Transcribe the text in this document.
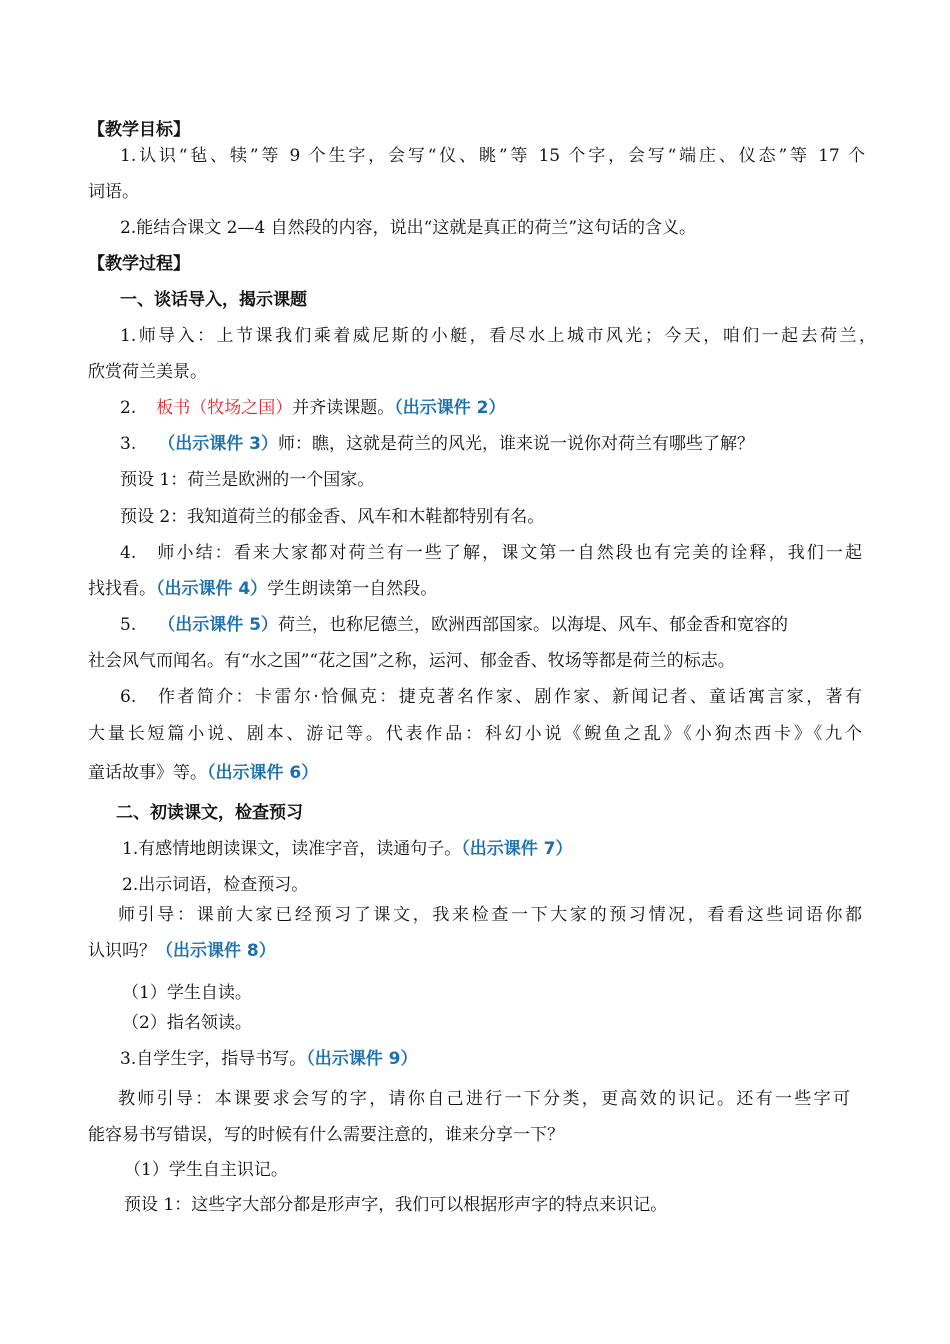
【教学目标】
1.认识“毡、犊”等 9 个生字，会写“仪、眺”等 15 个字，会写“端庄、仪态”等 17 个
词语。
2.能结合课文 2—4 自然段的内容，说出“这就是真正的荷兰”这句话的含义。
【教学过程】
一、谈话导入，揭示课题
1.师导入：上节课我们乘着威尼斯的小艇，看尽水上城市风光；今天，咱们一起去荷兰，
欣赏荷兰美景。
2. 板书（牧场之国）并齐读课题。（出示课件 2）
3. （出示课件 3）师：瞧，这就是荷兰的风光，谁来说一说你对荷兰有哪些了解？
预设 1：荷兰是欧洲的一个国家。
预设 2：我知道荷兰的郁金香、风车和木鞋都特别有名。
4.　师小结：看来大家都对荷兰有一些了解，课文第一自然段也有完美的诠释，我们一起
找找看。（出示课件 4）学生朗读第一自然段。
5. （出示课件 5）荷兰，也称尼德兰，欧洲西部国家。以海堤、风车、郁金香和宽容的
社会风气而闻名。有“水之国”“花之国”之称，运河、郁金香、牧场等都是荷兰的标志。
6.　作者简介：卡雷尔·恰佩克：捷克著名作家、剧作家、新闻记者、童话寓言家，著有
大量长短篇小说、剧本、游记等。代表作品：科幻小说《鲵鱼之乱》《小狗杰西卡》《九个
童话故事》等。（出示课件 6）
二、初读课文，检查预习
1.有感情地朗读课文，读准字音，读通句子。（出示课件 7）
2.出示词语，检查预习。
师引导：课前大家已经预习了课文，我来检查一下大家的预习情况，看看这些词语你都
认识吗？（出示课件 8）
（1）学生自读。
（2）指名领读。
3.自学生字，指导书写。（出示课件 9）
教师引导：本课要求会写的字，请你自己进行一下分类，更高效的识记。还有一些字可
能容易书写错误，写的时候有什么需要注意的，谁来分享一下？
（1）学生自主识记。
预设 1：这些字大部分都是形声字，我们可以根据形声字的特点来识记。
